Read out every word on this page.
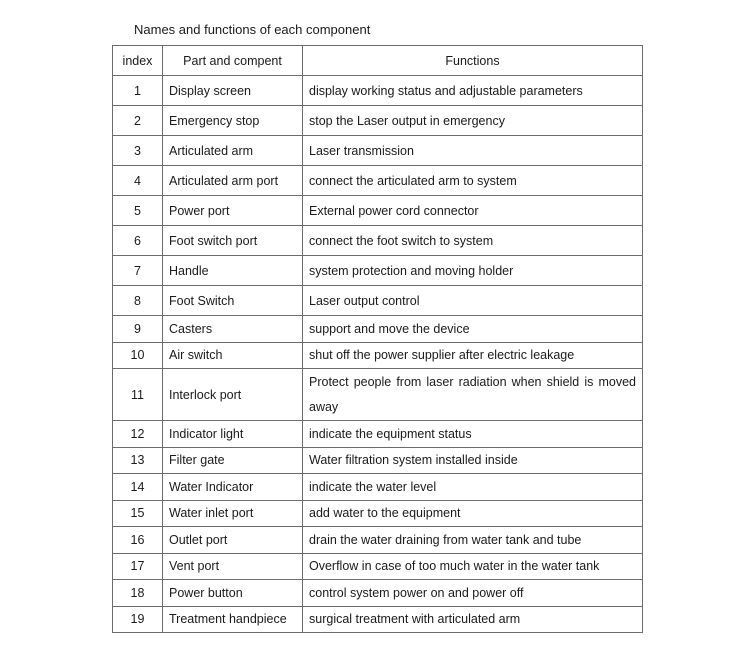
Names and functions of each component
index	Part and compent	Functions
1	Display screen	display working status and adjustable parameters
2	Emergency stop	stop the Laser output in emergency
3	Articulated arm	Laser transmission
4	Articulated arm port	connect the articulated arm to system
5	Power port	External power cord connector
6	Foot switch port	connect the foot switch to system
7	Handle	system protection and moving holder
8	Foot Switch	Laser output control
9	Casters	support and move the device
10	Air switch	shut off the power supplier after electric leakage
11	Interlock port	Protect people from laser radiation when shield is moved away
12	Indicator light	indicate the equipment status
13	Filter gate	Water filtration system installed inside
14	Water Indicator	indicate the water level
15	Water inlet port	add water to the equipment
16	Outlet port	drain the water draining from water tank and tube
17	Vent port	Overflow in case of too much water in the water tank
18	Power button	control system power on and power off
19	Treatment handpiece	surgical treatment with articulated arm
